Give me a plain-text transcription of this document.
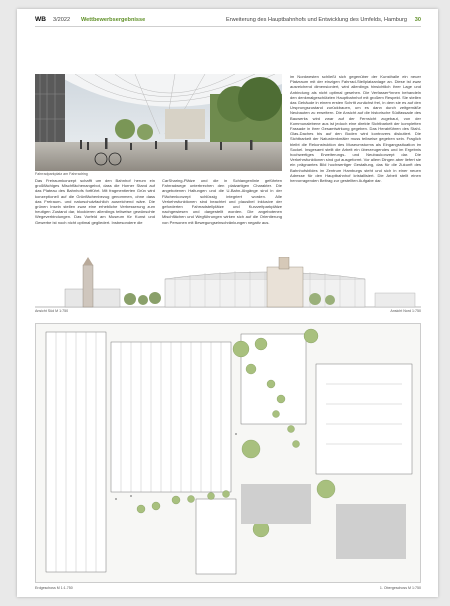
WB 3/2022 Wettbewerbsergebnisse	Erweiterung des Hauptbahnhofs und Entwicklung des Umfelds, Hamburg 30
Fahrradparkplatz am Fahrradring

im Nordwesten schließt sich gegenüber der Kunsthalle ein neuer Platzraum mit der einzigen Fahrrad-Stellplatzanlage an. Diese ist zwar ausreichend dimensioniert, wird allerdings hinsichtlich ihrer Lage und Anbindung als nicht optimal gesehen. Die Verfasser*innen behandeln den denkmalgeschützten Hauptbahnhof mit großem Respekt. Sie stellen das Gebäude in einem ersten Schritt zunächst frei, in dem sie es auf den Ursprungszustand zurückbauen, um es dann durch zeitgemäße Neubauten zu erweitern. Die Ansicht auf die historische Südfassade des Bauwerks wird zwar auf der Fernsicht zugebaut, von der Kommunalebene aus ist jedoch eine direkte Sichtbarkeit der kompletten Fassade in ihrer Gesamtwirkung gegeben. Das Herabführen des Stahl-Glas-Daches bis auf den Boden wird kontrovers diskutiert. Die Sichtbarkeit der Naturdenkmäler muss teilweise gegeben sein. Fraglich bleibt die Rekonstruktion des Museumsturms als Eingangssituation im Sockel. Insgesamt stellt die Arbeit ein überzeugendes und im Ergebnis hochwertiges Erweiterungs- und Neubaukonzept dar. Die Verkehrsfunktionen sind gut ausgeformt. Vor allem Dingen aber liefert sie ein prägnantes Bild hochwertiger Gestaltung, das für die Zukunft des Bahnhofsbildes im Zentrum Hamburgs steht und sich in einer neuen Adresse für den Hauptbahnhof kristallisiert. Die Arbeit stellt einen hervorragenden Beitrag zur gestellten Aufgabe dar.

Das Freiraumkonzept schafft um den Bahnhof herum ein großflächiges Mischflächenangebot, dass die Horner Stand auf das Plateau des Bahnhofs fortführt. Mit fragmentierten Grün wird konzeptionell auf die Grünflächenbezug genommen, ohne dass das Freiraum- und naturschutzfachlich ausreichend wäre. Die grünen Inseln stellen zwar eine erhebliche Verbesserung zum heutigen Zustand dar, blockieren allerdings teilweise gewünschte Wegeverbindungen. Das Vorfeld am Museum für Kunst und Gewerbe ist noch nicht optimal gegliedert. Insbesondere die

CarSharing-Plätze und die in Schlangenlinie geführten Fahrradwege unterbrechen den platzartigen Charakter. Die angebotenen Haltungen und die U-Bahn-Abgänge sind in der Flächenkonzept schlüssig integriert worden. Alle Verkehrsfunktionen sind beachtet und plausibel inklusive der geforderten Fahrradstellplätze und Kurzzeitparkplätze nachgewiesen und dargestellt worden. Die angebotenen Mischflächen und Wegführungen wirken sich auf die Orientierung von Personen mit Bewegungseinschränkungen negativ aus.

Ansicht Süd M 1:750	Ansicht Nord 1:750
Erdgeschoss M 1:1.750	1. Obergeschoss M 1:750
